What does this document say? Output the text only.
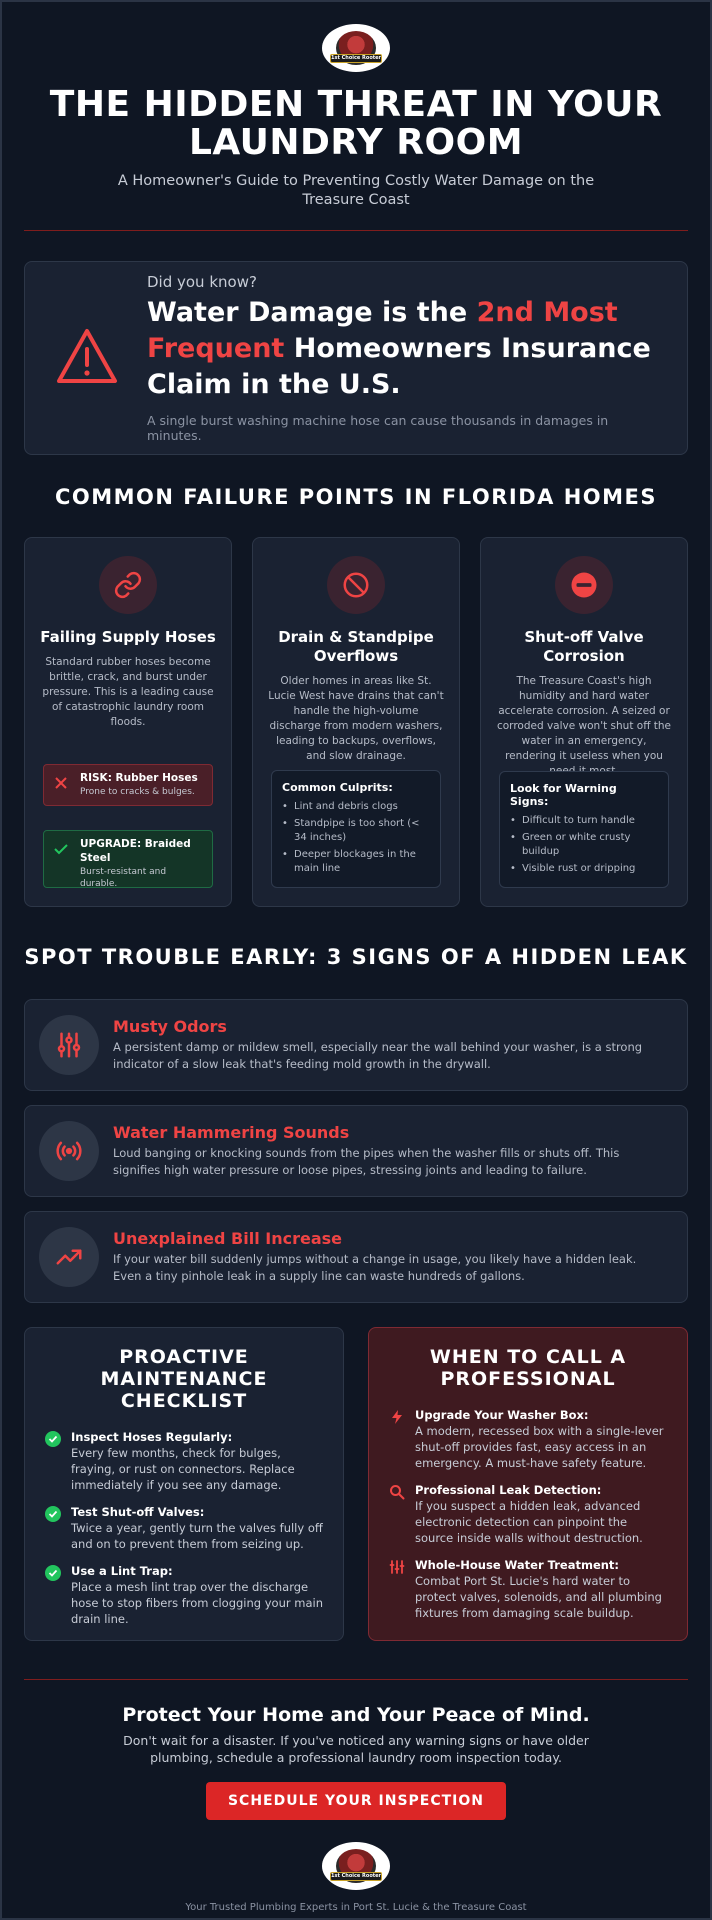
1st Choice Rooter
THE HIDDEN THREAT IN YOUR LAUNDRY ROOM

A Homeowner's Guide to Preventing Costly Water Damage on the Treasure Coast

Did you know?
Water Damage is the 2nd Most Frequent Homeowners Insurance Claim in the U.S.
A single burst washing machine hose can cause thousands in damages in minutes.
COMMON FAILURE POINTS IN FLORIDA HOMES
Failing Supply Hoses

Standard rubber hoses become brittle, crack, and burst under pressure. This is a leading cause of catastrophic laundry room floods.

RISK: Rubber Hoses
Prone to cracks & bulges.
UPGRADE: Braided Steel
Burst-resistant and durable.
Drain & Standpipe Overflows

Older homes in areas like St. Lucie West have drains that can't handle the high-volume discharge from modern washers, leading to backups, overflows, and slow drainage.

Common Culprits:
• Lint and debris clogs
• Standpipe is too short (< 34 inches)
• Deeper blockages in the main line
Shut-off Valve Corrosion

The Treasure Coast's high humidity and hard water accelerate corrosion. A seized or corroded valve won't shut off the water in an emergency, rendering it useless when you

Look for Warning Signs:
• Difficult to turn handle
• Green or white crusty buildup
• Visible rust or dripping
SPOT TROUBLE EARLY: 3 SIGNS OF A HIDDEN LEAK
Musty Odors

A persistent damp or mildew smell, especially near the wall behind your washer, is a strong indicator of a slow leak that's feeding mold growth in the drywall.

Water Hammering Sounds

Loud banging or knocking sounds from the pipes when the washer fills or shuts off. This signifies high water pressure or loose pipes, stressing joints and leading to failure.

Unexplained Bill Increase

If your water bill suddenly jumps without a change in usage, you likely have a hidden leak. Even a tiny pinhole leak in a supply line can waste hundreds of gallons.

PROACTIVE MAINTENANCE CHECKLIST
Inspect Hoses Regularly:
Every few months, check for bulges, fraying, or rust on connectors. Replace immediately if you see any damage.
Test Shut-off Valves:
Twice a year, gently turn the valves fully off and on to prevent them from seizing up.
Use a Lint Trap:
Place a mesh lint trap over the discharge hose to stop fibers from clogging your main drain line.
WHEN TO CALL A PROFESSIONAL
Upgrade Your Washer Box:
A modern, recessed box with a single-lever shut-off provides fast, easy access in an emergency. A must-have safety feature.
Professional Leak Detection:
If you suspect a hidden leak, advanced electronic detection can pinpoint the source inside walls without destruction.
Whole-House Water Treatment:
Combat Port St. Lucie's hard water to protect valves, solenoids, and all plumbing fixtures from damaging scale buildup.
Protect Your Home and Your Peace of Mind.

Don't wait for a disaster. If you've noticed any warning signs or have older plumbing, schedule a professional laundry room inspection today.

SCHEDULE YOUR INSPECTION
1st Choice Rooter
Your Trusted Plumbing Experts in Port St. Lucie & the Treasure Coast
